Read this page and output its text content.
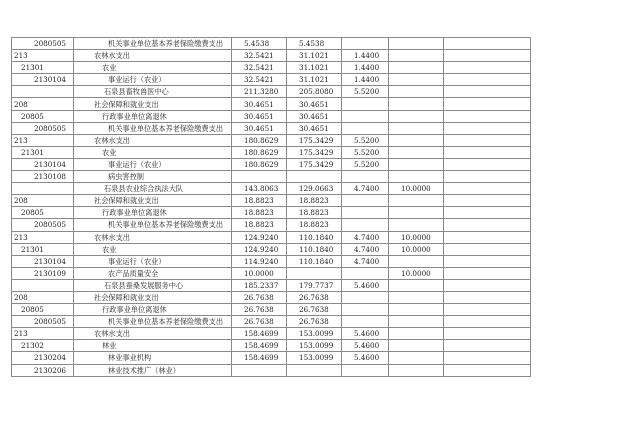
2080505	机关事业单位基本养老保险缴费支出	5.4538	5.4538			
213	农林水支出	32.5421	31.1021	1.4400		
21301	农业	32.5421	31.1021	1.4400		
2130104	事业运行（农业）	32.5421	31.1021	1.4400		
	石泉县畜牧兽医中心	211.3280	205.8080	5.5200		
208	社会保障和就业支出	30.4651	30.4651			
20805	行政事业单位离退休	30.4651	30.4651			
2080505	机关事业单位基本养老保险缴费支出	30.4651	30.4651			
213	农林水支出	180.8629	175.3429	5.5200		
21301	农业	180.8629	175.3429	5.5200		
2130104	事业运行（农业）	180.8629	175.3429	5.5200		
2130108	病虫害控制					
	石泉县农业综合执法大队	143.8063	129.0663	4.7400	10.0000	
208	社会保障和就业支出	18.8823	18.8823			
20805	行政事业单位离退休	18.8823	18.8823			
2080505	机关事业单位基本养老保险缴费支出	18.8823	18.8823			
213	农林水支出	124.9240	110.1840	4.7400	10.0000	
21301	农业	124.9240	110.1840	4.7400	10.0000	
2130104	事业运行（农业）	114.9240	110.1840	4.7400		
2130109	农产品质量安全	10.0000			10.0000	
	石泉县蚕桑发展服务中心	185.2337	179.7737	5.4600		
208	社会保障和就业支出	26.7638	26.7638			
20805	行政事业单位离退休	26.7638	26.7638			
2080505	机关事业单位基本养老保险缴费支出	26.7638	26.7638			
213	农林水支出	158.4699	153.0099	5.4600		
21302	林业	158.4699	153.0099	5.4600		
2130204	林业事业机构	158.4699	153.0099	5.4600		
2130206	林业技术推广（林业）					
